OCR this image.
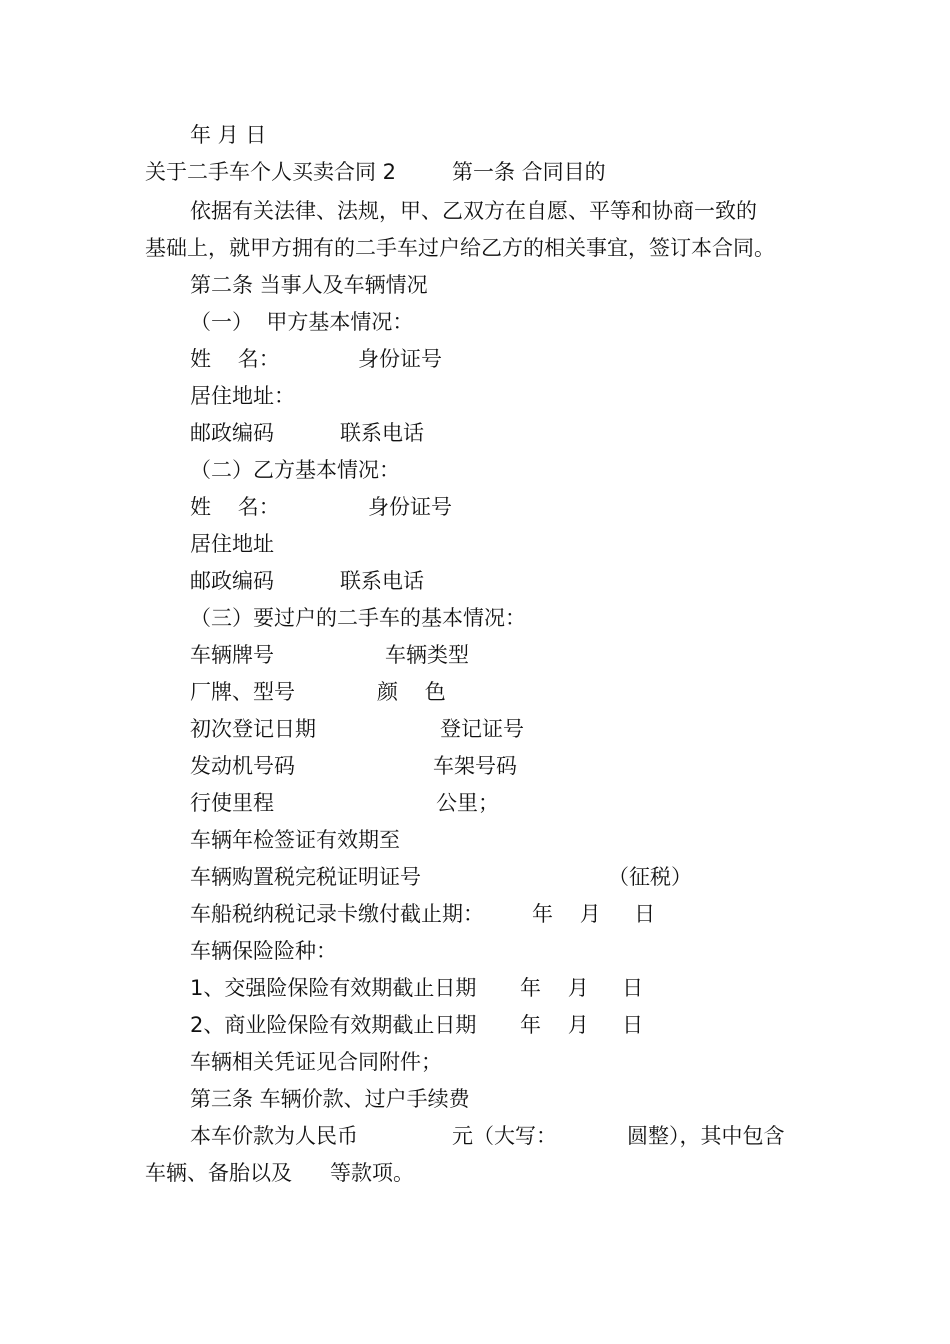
年 月 日

关于二手车个人买卖合同 2

	第一条 合同目的

依据有关法律、法规，甲、乙双方在自愿、平等和协商一致的
基础上，就甲方拥有的二手车过户给乙方的相关事宜，签订本合同。
第二条 当事人及车辆情况
（一）  甲方基本情况：

姓    名：

	身份证号

居住地址：

邮政编码

	联系电话

（二）乙方基本情况：

姓    名：

	身份证号

居住地址

邮政编码

	联系电话

（三）要过户的二手车的基本情况：

车辆牌号

	车辆类型

厂牌、型号

	颜    色

初次登记日期

	登记证号

发动机号码

	车架号码

行使里程

	公里；

车辆年检签证有效期至

车辆购置税完税证明证号

	（征税）

车船税纳税记录卡缴付截止期：

年    月     日

车辆保险险种：

1、交强险保险有效期截止日期

年    月     日

2、商业险保险有效期截止日期

年    月     日

车辆相关凭证见合同附件；
第三条 车辆价款、过户手续费

本车价款为人民币

	元（大写：

	圆整），其中包含

车辆、备胎以及

等款项。
